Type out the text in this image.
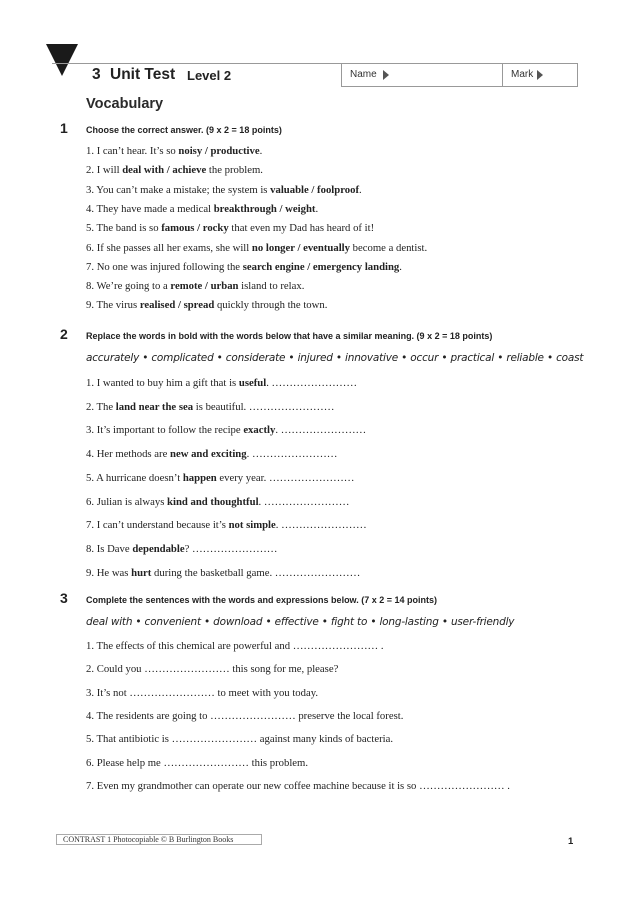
3 Unit Test Level 2	Name	Mark
Vocabulary
1 Choose the correct answer. (9 x 2 = 18 points)
1. I can’t hear. It’s so noisy / productive.
2. I will deal with / achieve the problem.
3. You can’t make a mistake; the system is valuable / foolproof.
4. They have made a medical breakthrough / weight.
5. The band is so famous / rocky that even my Dad has heard of it!
6. If she passes all her exams, she will no longer / eventually become a dentist.
7. No one was injured following the search engine / emergency landing.
8. We’re going to a remote / urban island to relax.
9. The virus realised / spread quickly through the town.
2 Replace the words in bold with the words below that have a similar meaning. (9 x 2 = 18 points)
accurately • complicated • considerate • injured • innovative • occur • practical • reliable • coast
1. I wanted to buy him a gift that is useful. ……………………
2. The land near the sea is beautiful. ……………………
3. It’s important to follow the recipe exactly. ……………………
4. Her methods are new and exciting. ……………………
5. A hurricane doesn’t happen every year. ……………………
6. Julian is always kind and thoughtful. ……………………
7. I can’t understand because it’s not simple. ……………………
8. Is Dave dependable? ……………………
9. He was hurt during the basketball game. ……………………
3 Complete the sentences with the words and expressions below. (7 x 2 = 14 points)
deal with • convenient • download • effective • fight to • long-lasting • user-friendly
1. The effects of this chemical are powerful and …………………… .
2. Could you …………………… this song for me, please?
3. It’s not …………………… to meet with you today.
4. The residents are going to …………………… preserve the local forest.
5. That antibiotic is …………………… against many kinds of bacteria.
6. Please help me …………………… this problem.
7. Even my grandmother can operate our new coffee machine because it is so …………………… .
CONTRAST 1 Photocopiable © B Burlington Books	1
